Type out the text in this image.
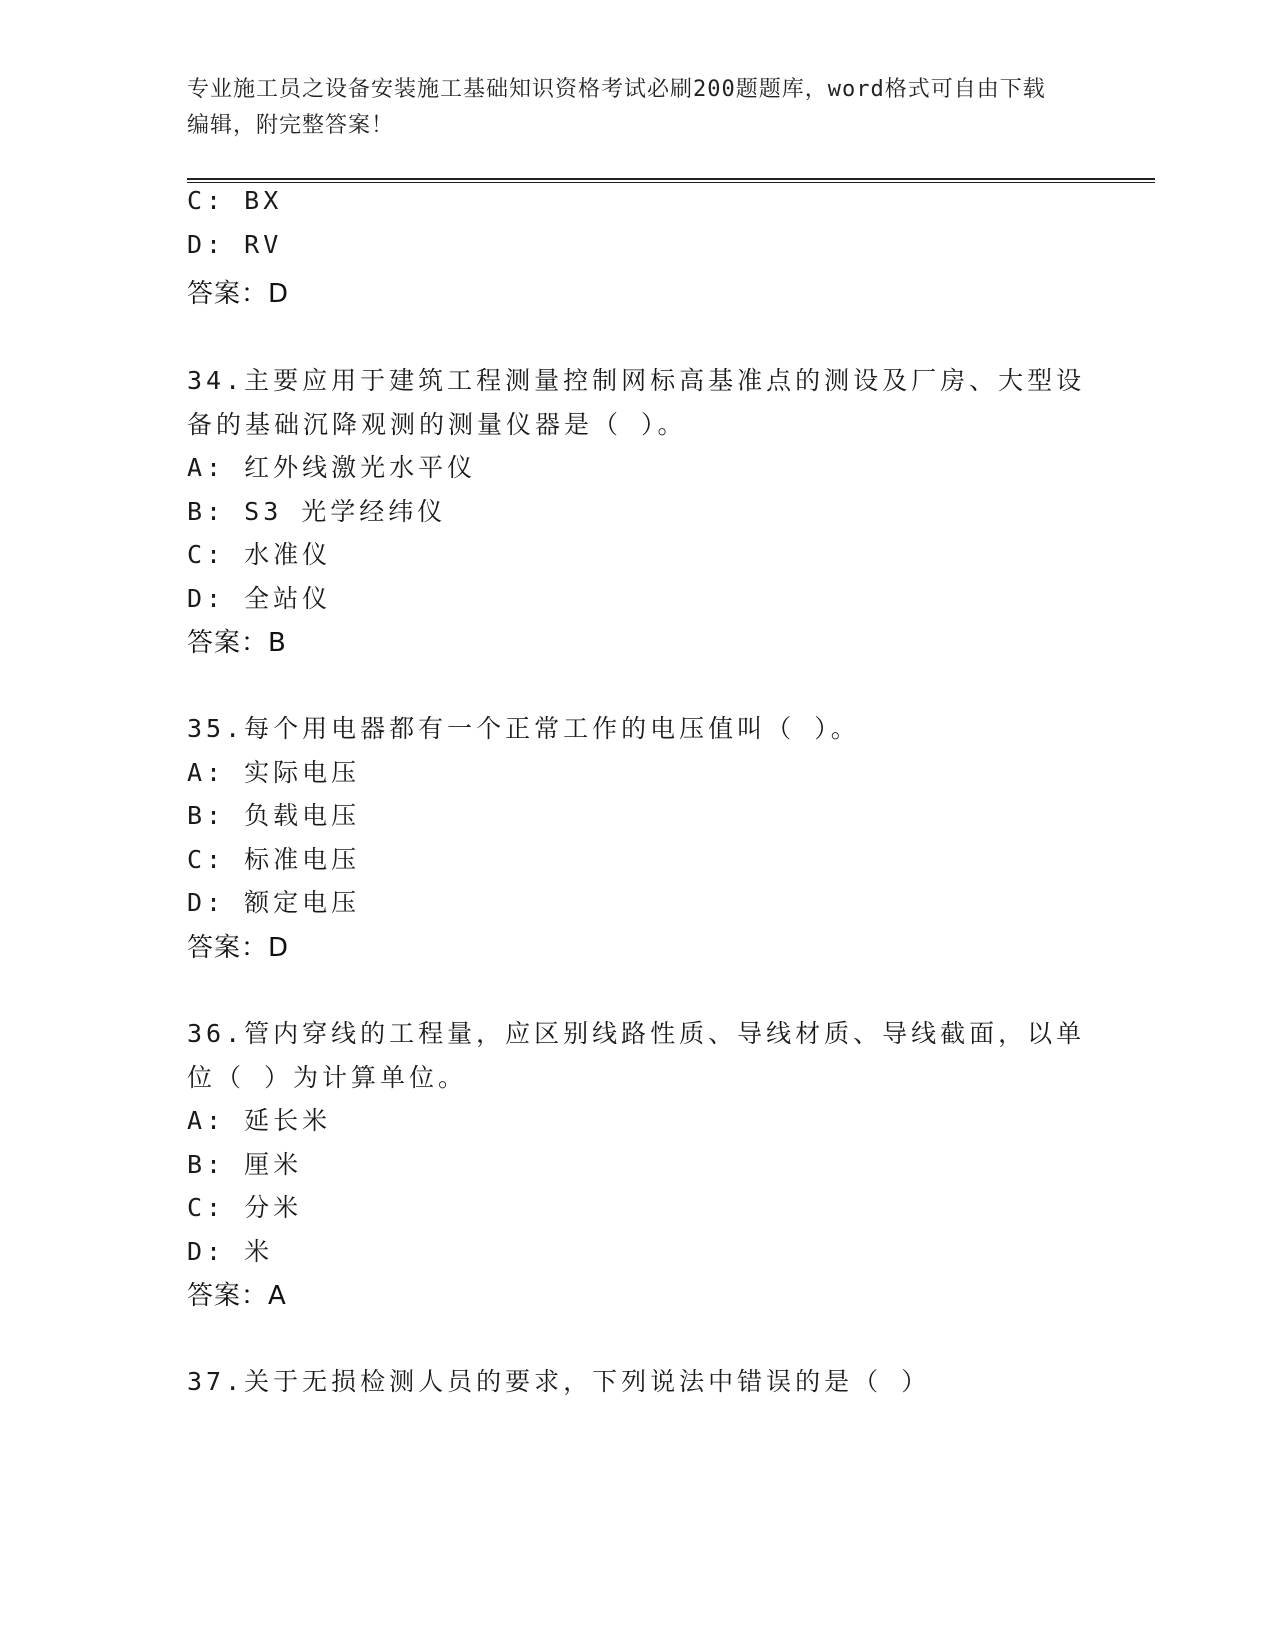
专业施工员之设备安装施工基础知识资格考试必刷200题题库，word格式可自由下载编辑，附完整答案！
C: BX
D: RV
答案：D
34.主要应用于建筑工程测量控制网标高基准点的测设及厂房、大型设
备的基础沉降观测的测量仪器是（ ）。
A: 红外线激光水平仪
B: S3 光学经纬仪
C: 水准仪
D: 全站仪
答案：B
35.每个用电器都有一个正常工作的电压值叫（ ）。
A: 实际电压
B: 负载电压
C: 标准电压
D: 额定电压
答案：D
36.管内穿线的工程量，应区别线路性质、导线材质、导线截面，以单
位（ ）为计算单位。
A: 延长米
B: 厘米
C: 分米
D: 米
答案：A
37.关于无损检测人员的要求，下列说法中错误的是（ ）
